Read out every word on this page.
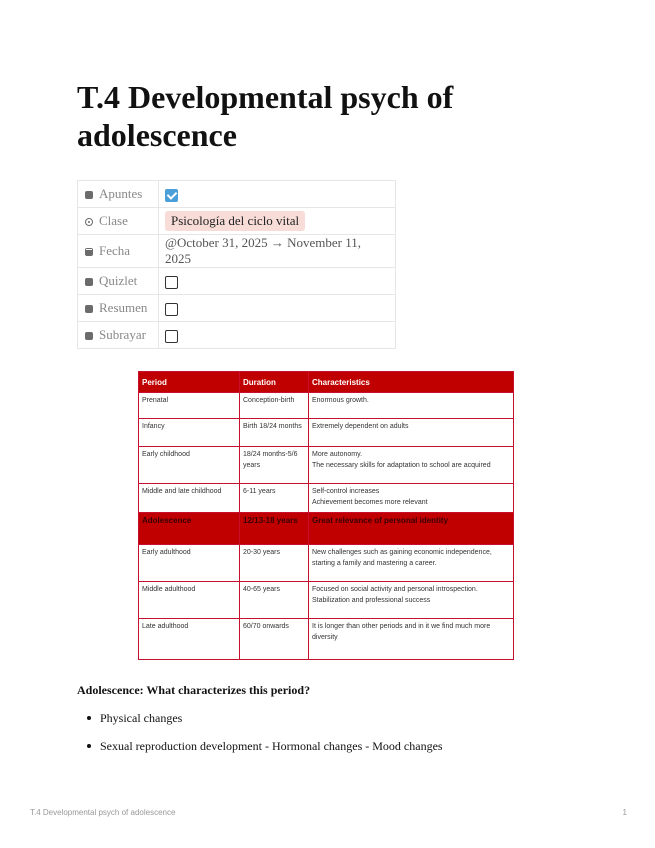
T.4 Developmental psych of adolescence
Apuntes	
Clase	Psicología del ciclo vital
Fecha	@October 31, 2025 → November 11, 2025
Quizlet	
Resumen	
Subrayar	
Period	Duration	Characteristics
Prenatal	Conception-birth	Enormous growth.

Infancy	Birth 18/24 months	Extremely dependent on adults

Early childhood	18/24 months-5/6 years	More autonomy.
The necessary skills for adaptation to school are acquired

Middle and late childhood	6-11 years	Self-control increases
Achievement becomes more relevant

Adolescence	12/13-18 years	Great relevance of personal identity

Early adulthood	20-30 years	New challenges such as gaining economic independence, starting a family and mastering a career.

Middle adulthood	40-65 years	Focused on social activity and personal introspection. Stabilization and professional success

Late adulthood	60/70 onwards	It is longer than other periods and in it we find much more diversity

Adolescence: What characterizes this period?

Physical changes
Sexual reproduction development - Hormonal changes - Mood changes
T.4 Developmental psych of adolescence	1
